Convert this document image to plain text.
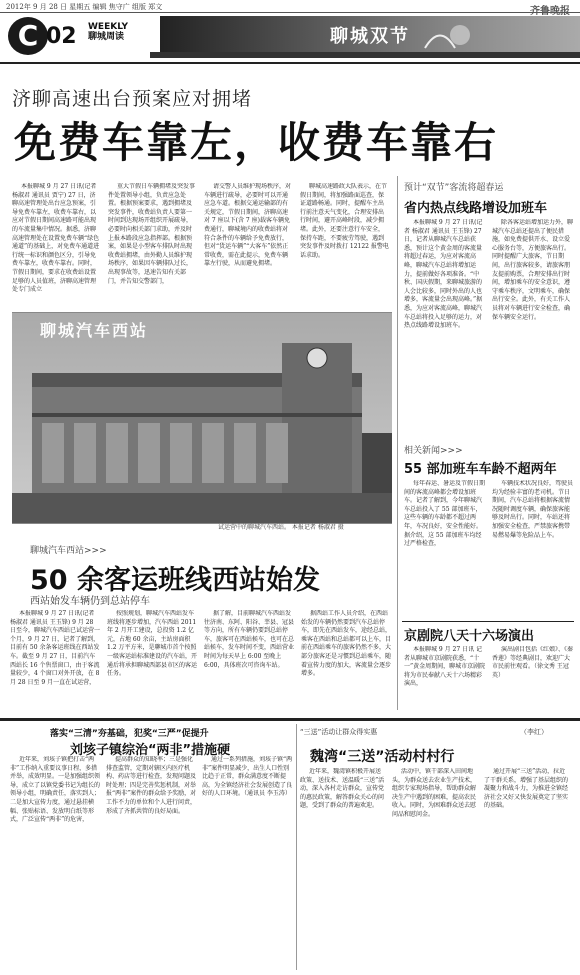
2012年 9 月 28 日 星期五 编辑 焦守广 组版 郑文
C 02 WEEKLY
聊城周读	聊城双节
济聊高速出台预案应对拥堵
免费车靠左，收费车靠右
本报聊城 9 月 27 日讯(记者 杨淑君 通讯员 贾宁) 27 日，济聊高速管理处出台应急预案，引导免费车靠左，收费车靠右，以应对节假日期间高速路可能出现的车流量集中情况。据悉，济聊高速管理处在设置免费车辆“绿色通道”的基础上，对免费车通道进行统一标识和颜色区分，引导免费车靠左，收费车靠右。同时，节假日期间，要求在收费站设置足够的人员值班，济聊高速管理处专门成立
重大节假日车辆拥堵及突发事件处置领导小组，负责应急处置。根据预案要求，遇到拥堵及突发事件，收费站负责人要第一时间到达现场开组织开展疏导，必要时向相关部门求助，并及时上报本路段应急指挥部。根据预案，如果是小型客车排队时出现收费站拥堵，由外勤人员维护现场秩序，如果因车辆排队过长，出现事故等，迅速告知有关部门，并告知交警部门，
请交警人员维护现场秩序，对车辆进行疏导，必要时可以开通应急车道。根据交通运输部的有关规定，节假日期间，济聊高速对 7 座以下(含 7 座)载客车辆免费通行，聊城境内的收费站将对符合条件的车辆给予免费放行，但对“货运车辆”“大客车”依然正常收费，需在此提示，免费车辆靠左行驶，从而避免拥堵。
聊城高速路政大队表示，在节假日期间，将加强路面巡查，保证道路畅通。同时，提醒车主出行前注意天气变化，合理安排出行时间，避开高峰时段，减少拥堵。此外，还要注意行车安全，保持车距，不要疲劳驾驶，遇到突发事件及时拨打 12122 报警电话求助。
聊城汽车西站
试运营中的聊城汽车西站。 本报记者 杨淑君 摄
聊城汽车西站>>>
50 余客运班线西站始发
西站始发车辆仍到总站停车
本报聊城 9 月 27 日讯(记者 杨淑君 通讯员 王玉锋) 9 月 28 日至今，聊城汽车西站已试运营一个月，9 月 27 日，记者了解到，目前有 50 余条客运班线在西站发车。截至 9 月 27 日，目前汽车西站长 16 个售票窗口，由于客流量较少，4 个窗口对外开放，在 8 月 28 日至 9 月一直在试运营，
按照规划，聊城汽车西站发车班线将逐步增加，汽车西站 2011 年 2 月开工建设，总投资 1.2 亿元，占地 60 余亩，主站房面积 1.2 万平方米，是聊城市首个按照一级客运站标准建设的汽车站，开通后将承担聊城西部县市区的客运任务。
据了解，目前聊城汽车西站发往济南、东阿、阳谷、莘县、冠县等方向，所有车辆仍要到总站停车，旅客可在西站候车，也可在总站候车，发车时间不变，西站营业时间为每天早上 6:00 至晚上 6:00，具体班次可咨询车站。
据西站工作人员介绍，在西站始发的车辆仍然要到汽车总站停车，即先在西站发车，途经总站，乘客在西站和总站都可以上车，目前在西站乘车的旅客仍然不多，大部分旅客还是习惯到总站乘车，随着宣传力度的加大，客流量会逐步增多。
预计“双节”客流将超春运
省内热点线路增设加班车
本报聊城 9 月 27 日讯(记者 杨淑君 通讯员 王玉锋) 27 日，记者从聊城汽车总站获悉，预计这个黄金周的客流量将超过春运，为应对客流高峰，聊城汽车总站将增加运力，提前做好各项准备。“中秋、国庆假期，来聊城旅游的人会比较多，同时外出的人也增多，客流量会出现高峰。”据悉，为应对客流高峰，聊城汽车总站将投入足够的运力，对热点线路增设加班车。
除各客运站增加运力外，聊城汽车总站还提出了便民措施，如免费提供开水、设立爱心服务台等，方便旅客出行。同时提醒广大旅客，节日期间，出行旅客较多，请旅客朋友提前购票，合理安排出行时间，增加乘车的安全意识，遵守乘车秩序，文明乘车，确保出行安全。此外，有关工作人员将对车辆进行安全检查，确保车辆安全运行。
相关新闻>>>
55 部加班车车龄不超两年
每年春运、暑运及节假日期间的客流高峰都会增设加班车。记者了解到，今年聊城汽车总站投入了 55 部加班车，这些车辆的车龄都不超过两年，车况良好，安全性能好。据介绍，这 55 部加班车均经过严格检查，
车辆技术状况良好，驾驶员均为经验丰富的老司机。节日期间，汽车总站将根据客流情况随时调度车辆，确保旅客能够及时出行。同时，车站还将加强安全检查，严禁旅客携带易燃易爆等危险品上车。
京剧院八天十六场演出
本报聊城 9 月 27 日讯 记者从聊城市京剧院获悉，“十一”黄金周期间，聊城市京剧院将为市民奉献八天十六场精彩演出，
演出剧目包括《红娘》、《秦香莲》等经典剧目，欢迎广大市民前往观看。（徐文秀 王冠英）
落实“三清”夯基础，犯奖“三严”促提升
刘垓子镇综治“两非”措施硬
近年来，刘垓子镇把打击“两非”工作纳入重要议事日程，多措并举，成效明显。一是加强组织领导，成立了以镇党委书记为组长的领导小组，明确责任，落实到人；二是加大宣传力度，通过悬挂横幅、张贴标语、发放明白纸等形式，广泛宣传“两非”的危害，
提高群众的知晓率；三是强化排查监管，定期对辖区内医疗机构、药店等进行检查，发现问题及时处理；四是完善奖惩机制，对举报“两非”案件的群众给予奖励，对工作不力的单位和个人进行问责，形成了齐抓共管的良好局面。
通过一系列措施，刘垓子镇“两非”案件明显减少，出生人口性别比趋于正常，群众满意度不断提高，为全镇经济社会发展创造了良好的人口环境。（通讯员 李玉涛）
“三送”活动让群众得实惠	（李红）
魏湾“三送”活动村村行
近年来，魏湾镇积极开展送政策、送技术、送温暖“三送”活动，深入各村走访群众，宣传党的惠民政策，解答群众关心的问题，受到了群众的普遍欢迎。
活动中，镇干部深入田间地头，为群众送去农业生产技术，组织专家现场指导，帮助群众解决生产中遇到的困难，提高农民收入。同时，为困难群众送去慰问品和慰问金。
通过开展“三送”活动，拉近了干群关系，增强了基层组织的凝聚力和战斗力，为推进全镇经济社会又好又快发展奠定了坚实的基础。
